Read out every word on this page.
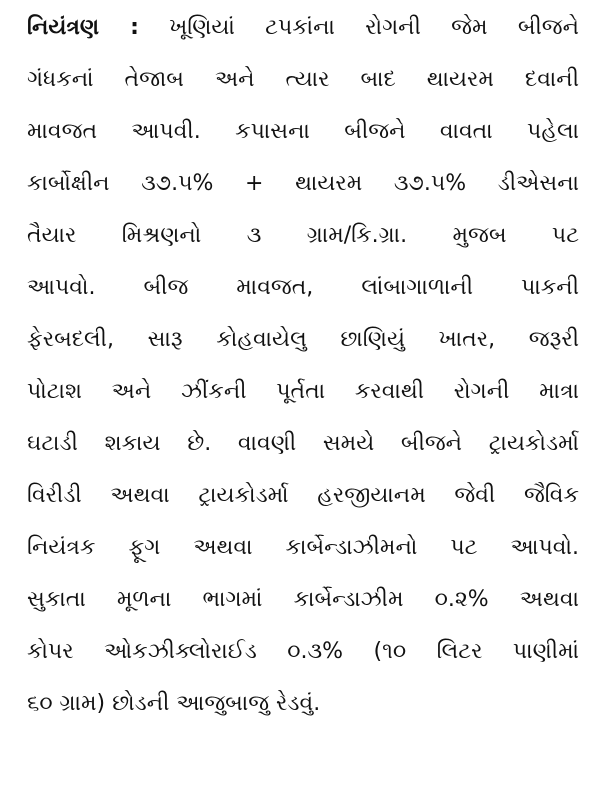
નિયંત્રણ : ખૂણિયાં ટપકાંના રોગની જેમ બીજને
ગંધકનાં તેજાબ અને ત્યાર બાદ થાયરમ દવાની
માવજત આપવી. કપાસના બીજને વાવતા પહેલા
કાર્બોક્ષીન ૩૭.૫% + થાયરમ ૩૭.૫% ડીએસના
તૈયાર મિશ્રણનો ૩ ગ્રામ/કિ.ગ્રા. મુજબ પટ
આપવો. બીજ માવજત, લાંબાગાળાની પાકની
ફેરબદલી, સારૂ કોહવાયેલુ છાણિયું ખાતર, જરૂરી
પોટાશ અને ઝીંકની પૂર્તતા કરવાથી રોગની માત્રા
ઘટાડી શકાય છે. વાવણી સમયે બીજને ટ્રાયકોડર્મા
વિરીડી અથવા ટ્રાયકોડર્મા હરજીયાનમ જેવી જૈવિક
નિયંત્રક ફૂગ અથવા કાર્બેન્ડાઝીમનો પટ આપવો.
સુકાતા મૂળના ભાગમાં કાર્બેન્ડાઝીમ ૦.૨% અથવા
કોપર ઓકઝીક્લોરાઈડ ૦.૩% (૧૦ લિટર પાણીમાં
૬૦ ગ્રામ) છોડની આજુબાજુ રેડવું.
